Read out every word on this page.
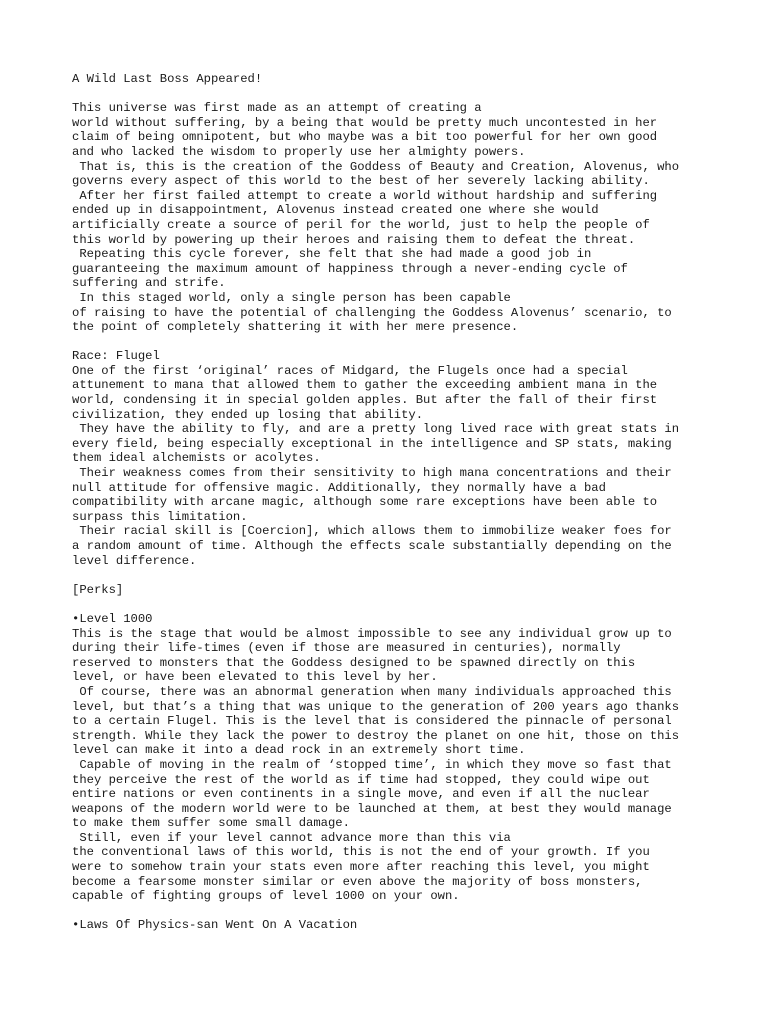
A Wild Last Boss Appeared!
This universe was first made as an attempt of creating a
world without suffering, by a being that would be pretty much uncontested in her
claim of being omnipotent, but who maybe was a bit too powerful for her own good
and who lacked the wisdom to properly use her almighty powers.
That is, this is the creation of the Goddess of Beauty and Creation, Alovenus, who
governs every aspect of this world to the best of her severely lacking ability.
After her first failed attempt to create a world without hardship and suffering
ended up in disappointment, Alovenus instead created one where she would
artificially create a source of peril for the world, just to help the people of
this world by powering up their heroes and raising them to defeat the threat.
Repeating this cycle forever, she felt that she had made a good job in
guaranteeing the maximum amount of happiness through a never-ending cycle of
suffering and strife.
In this staged world, only a single person has been capable
of raising to have the potential of challenging the Goddess Alovenus’ scenario, to
the point of completely shattering it with her mere presence.
Race: Flugel
One of the first ‘original’ races of Midgard, the Flugels once had a special
attunement to mana that allowed them to gather the exceeding ambient mana in the
world, condensing it in special golden apples. But after the fall of their first
civilization, they ended up losing that ability.
They have the ability to fly, and are a pretty long lived race with great stats in
every field, being especially exceptional in the intelligence and SP stats, making
them ideal alchemists or acolytes.
Their weakness comes from their sensitivity to high mana concentrations and their
null attitude for offensive magic. Additionally, they normally have a bad
compatibility with arcane magic, although some rare exceptions have been able to
surpass this limitation.
Their racial skill is [Coercion], which allows them to immobilize weaker foes for
a random amount of time. Although the effects scale substantially depending on the
level difference.
[Perks]
•Level 1000
This is the stage that would be almost impossible to see any individual grow up to
during their life-times (even if those are measured in centuries), normally
reserved to monsters that the Goddess designed to be spawned directly on this
level, or have been elevated to this level by her.
Of course, there was an abnormal generation when many individuals approached this
level, but that’s a thing that was unique to the generation of 200 years ago thanks
to a certain Flugel. This is the level that is considered the pinnacle of personal
strength. While they lack the power to destroy the planet on one hit, those on this
level can make it into a dead rock in an extremely short time.
Capable of moving in the realm of ‘stopped time’, in which they move so fast that
they perceive the rest of the world as if time had stopped, they could wipe out
entire nations or even continents in a single move, and even if all the nuclear
weapons of the modern world were to be launched at them, at best they would manage
to make them suffer some small damage.
Still, even if your level cannot advance more than this via
the conventional laws of this world, this is not the end of your growth. If you
were to somehow train your stats even more after reaching this level, you might
become a fearsome monster similar or even above the majority of boss monsters,
capable of fighting groups of level 1000 on your own.
•Laws Of Physics-san Went On A Vacation
